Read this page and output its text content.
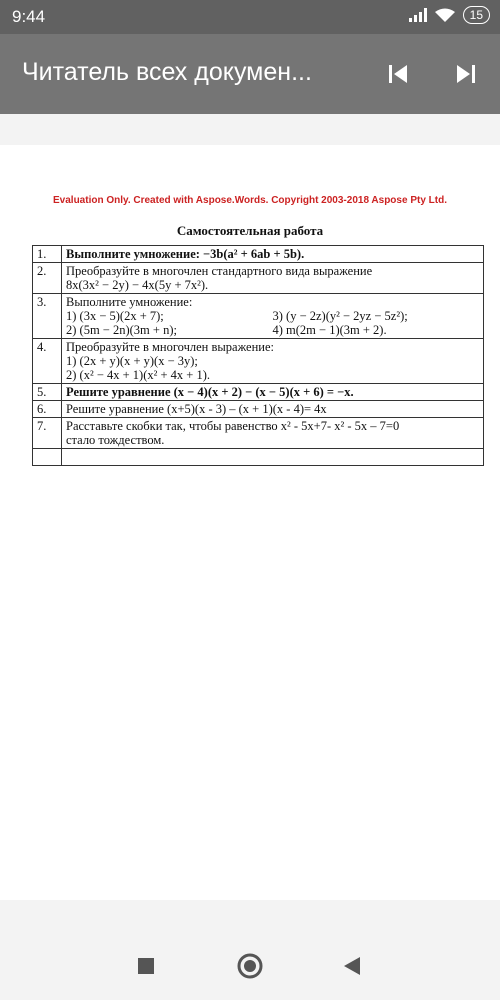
9:44	15
Читатель всех докумен...
Evaluation Only. Created with Aspose.Words. Copyright 2003-2018 Aspose Pty Ltd.
Самостоятельная работа
1.	Выполните умножение: −3b(a² + 6ab + 5b).

2.	Преобразуйте в многочлен стандартного вида выражение
8x(3x² − 2y) − 4x(5y + 7x²).

3.	Выполните умножение:
1) (3x − 5)(2x + 7);
2) (5m − 2n)(3m + n);
3) (y − 2z)(y² − 2yz − 5z²);
4) m(2m − 1)(3m + 2).

4.	Преобразуйте в многочлен выражение:
1) (2x + y)(x + y)(x − 3y);
2) (x² − 4x + 1)(x² + 4x + 1).

5.	Решите уравнение (x − 4)(x + 2) − (x − 5)(x + 6) = −x.

6.	Решите уравнение (x+5)(x - 3) – (x + 1)(x - 4)= 4x

7.	Расставьте скобки так, чтобы равенство x² - 5x+7- x² - 5x – 7=0
стало тождеством.
